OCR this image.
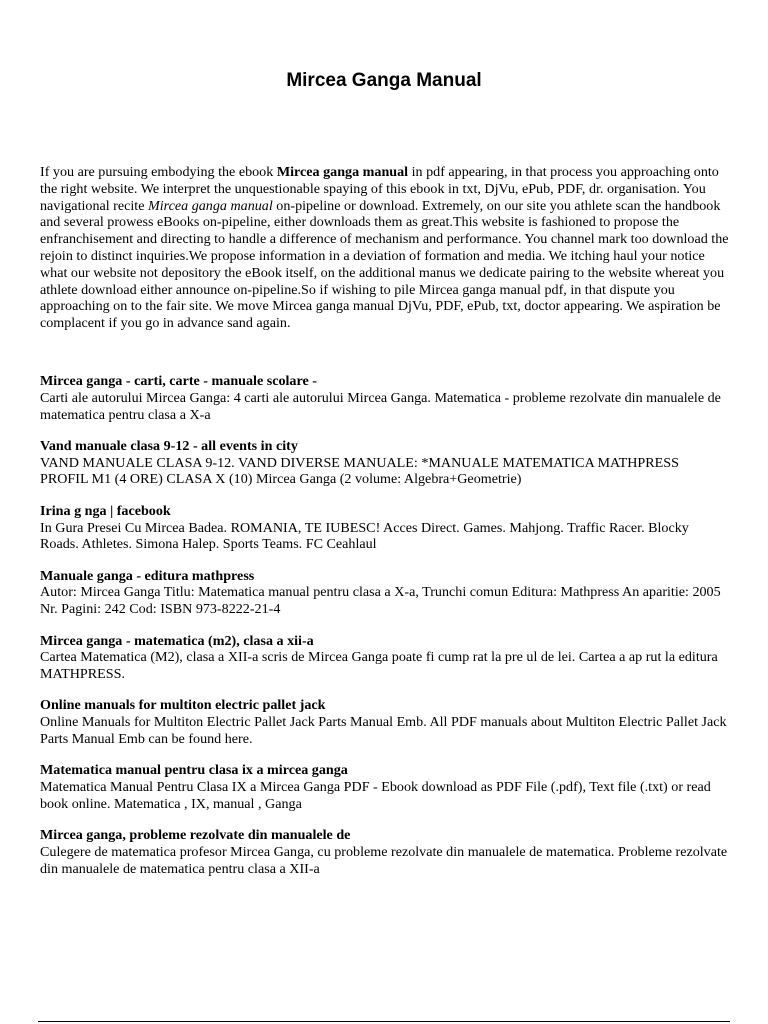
Mircea Ganga Manual

If you are pursuing embodying the ebook Mircea ganga manual in pdf appearing, in that process you approaching onto the right website. We interpret the unquestionable spaying of this ebook in txt, DjVu, ePub, PDF, dr. organisation. You navigational recite Mircea ganga manual on-pipeline or download. Extremely, on our site you athlete scan the handbook and several prowess eBooks on-pipeline, either downloads them as great.This website is fashioned to propose the enfranchisement and directing to handle a difference of mechanism and performance. You channel mark too download the rejoin to distinct inquiries.We propose information in a deviation of formation and media. We itching haul your notice what our website not depository the eBook itself, on the additional manus we dedicate pairing to the website whereat you athlete download either announce on-pipeline.So if wishing to pile Mircea ganga manual pdf, in that dispute you approaching on to the fair site. We move Mircea ganga manual DjVu, PDF, ePub, txt, doctor appearing. We aspiration be complacent if you go in advance sand again.

Mircea ganga - carti, carte - manuale scolare -
Carti ale autorului Mircea Ganga: 4 carti ale autorului Mircea Ganga. Matematica - probleme rezolvate din manualele de matematica pentru clasa a X-a
Vand manuale clasa 9-12 - all events in city
VAND MANUALE CLASA 9-12. VAND DIVERSE MANUALE: *MANUALE MATEMATICA MATHPRESS PROFIL M1 (4 ORE) CLASA X (10) Mircea Ganga (2 volume: Algebra+Geometrie)
Irina g nga | facebook
In Gura Presei Cu Mircea Badea. ROMANIA, TE IUBESC! Acces Direct. Games. Mahjong. Traffic Racer. Blocky Roads. Athletes. Simona Halep. Sports Teams. FC Ceahlaul
Manuale ganga - editura mathpress
Autor: Mircea Ganga Titlu: Matematica manual pentru clasa a X-a, Trunchi comun Editura: Mathpress An aparitie: 2005 Nr. Pagini: 242 Cod: ISBN 973-8222-21-4
Mircea ganga - matematica (m2), clasa a xii-a
Cartea Matematica (M2), clasa a XII-a scris de Mircea Ganga poate fi cump rat la pre ul de lei. Cartea a ap rut la editura MATHPRESS.
Online manuals for multiton electric pallet jack
Online Manuals for Multiton Electric Pallet Jack Parts Manual Emb. All PDF manuals about Multiton Electric Pallet Jack Parts Manual Emb can be found here.
Matematica manual pentru clasa ix a mircea ganga
Matematica Manual Pentru Clasa IX a Mircea Ganga PDF - Ebook download as PDF File (.pdf), Text file (.txt) or read book online. Matematica , IX, manual , Ganga
Mircea ganga, probleme rezolvate din manualele de
Culegere de matematica profesor Mircea Ganga, cu probleme rezolvate din manualele de matematica. Probleme rezolvate din manualele de matematica pentru clasa a XII-a
